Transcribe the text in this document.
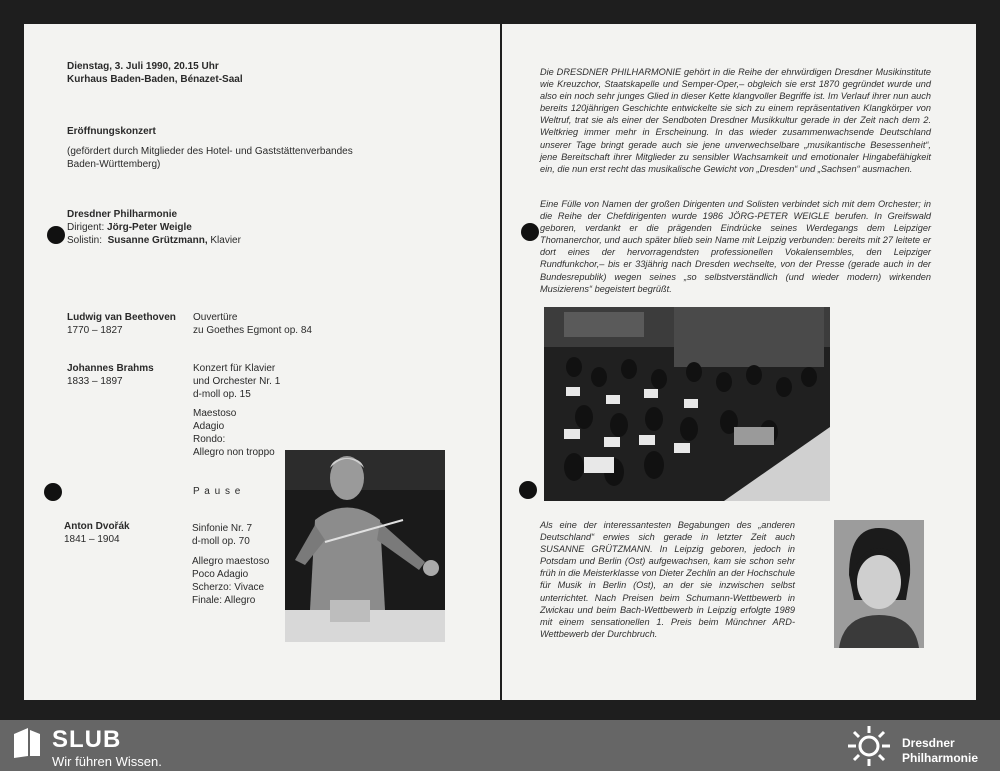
Dienstag, 3. Juli 1990, 20.15 Uhr

Kurhaus Baden-Baden, Bénazet-Saal

Eröffnungskonzert

(gefördert durch Mitglieder des Hotel- und Gaststättenverbandes

Baden-Württemberg)

Dresdner Philharmonie

Dirigent: Jörg-Peter Weigle

Solistin: Susanne Grützmann, Klavier

Ludwig van Beethoven

1770 – 1827

Ouvertüre

zu Goethes Egmont op. 84

Johannes Brahms

1833 – 1897

Konzert für Klavier

und Orchester Nr. 1

d-moll op. 15

Maestoso

Adagio

Rondo:

Allegro non troppo

P a u s e

Anton Dvořák

1841 – 1904

Sinfonie Nr. 7

d-moll op. 70

Allegro maestoso

Poco Adagio

Scherzo: Vivace

Finale: Allegro

Die DRESDNER PHILHARMONIE gehört in die Reihe der ehrwürdigen Dresdner Musikinstitute wie Kreuzchor, Staatskapelle und Semper-Oper,– obgleich sie erst 1870 gegründet wurde und also ein noch sehr junges Glied in dieser Kette klangvoller Begriffe ist. Im Verlauf ihrer nun auch bereits 120jährigen Geschichte entwickelte sie sich zu einem repräsentativen Klangkörper von Weltruf, trat sie als einer der Sendboten Dresdner Musikkultur gerade in der Zeit nach dem 2. Weltkrieg immer mehr in Erscheinung. In das wieder zusammenwachsende Deutschland unserer Tage bringt gerade auch sie jene unverwechselbare „musikantische Besessenheit“, jene Bereitschaft ihrer Mitglieder zu sensibler Wachsamkeit und emotionaler Hingabefähigkeit ein, die nun erst recht das musikalische Gewicht von „Dresden“ und „Sachsen“ ausmachen.

Eine Fülle von Namen der großen Dirigenten und Solisten verbindet sich mit dem Orchester; in die Reihe der Chefdirigenten wurde 1986 JÖRG-PETER WEIGLE berufen. In Greifswald geboren, verdankt er die prägenden Eindrücke seines Werdegangs dem Leipziger Thomanerchor, und auch später blieb sein Name mit Leipzig verbunden: bereits mit 27 leitete er dort eines der hervorragendsten professionellen Vokalensembles, den Leipziger Rundfunkchor,– bis er 33jährig nach Dresden wechselte, von der Presse (gerade auch in der Bundesrepublik) wegen seines „so selbstverständlich (und wieder modern) wirkenden Musizierens“ begeistert begrüßt.

Als eine der interessantesten Begabungen des „anderen Deutschland“ erwies sich gerade in letzter Zeit auch SUSANNE GRÜTZMANN. In Leipzig geboren, jedoch in Potsdam und Berlin (Ost) aufgewachsen, kam sie schon sehr früh in die Meisterklasse von Dieter Zechlin an der Hochschule für Musik in Berlin (Ost), an der sie inzwischen selbst unterrichtet. Nach Preisen beim Schumann-Wettbewerb in Zwickau und beim Bach-Wettbewerb in Leipzig erfolgte 1989 mit einem sensationellen 1. Preis beim Münchner ARD-Wettbewerb der Durchbruch.

SLUB
Wir führen Wissen.
Dresdner
Philharmonie
